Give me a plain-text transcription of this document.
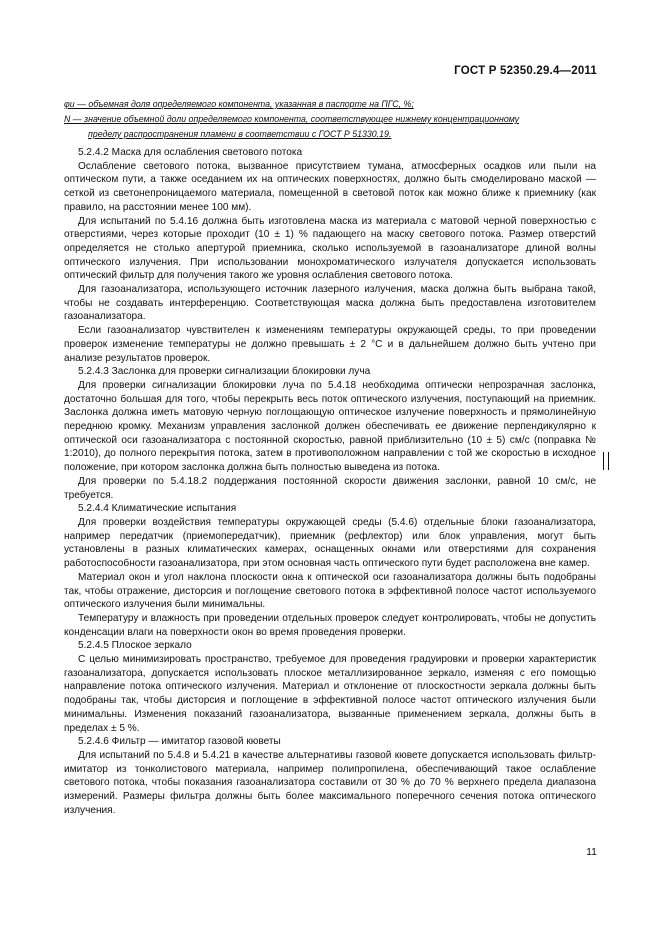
ГОСТ Р 52350.29.4—2011
φи — объемная доля определяемого компонента, указанная в паспорте на ПГС, %;
N — значение объемной доли определяемого компонента, соответствующее нижнему концентрационному
пределу распространения пламени в соответствии с ГОСТ Р 51330.19.

5.2.4.2 Маска для ослабления светового потока

Ослабление светового потока, вызванное присутствием тумана, атмосферных осадков или пыли на оптическом пути, а также оседанием их на оптических поверхностях, должно быть смоделировано маской — сеткой из светонепроницаемого материала, помещенной в световой поток как можно ближе к приемнику (как правило, на расстоянии менее 100 мм).

Для испытаний по 5.4.16 должна быть изготовлена маска из материала с матовой черной поверхностью с отверстиями, через которые проходит (10 ± 1) % падающего на маску светового потока. Размер отверстий определяется не столько апертурой приемника, сколько используемой в газоанализаторе длиной волны оптического излучения. При использовании монохроматического излучателя допускается использовать оптический фильтр для получения такого же уровня ослабления светового потока.

Для газоанализатора, использующего источник лазерного излучения, маска должна быть выбрана такой, чтобы не создавать интерференцию. Соответствующая маска должна быть предоставлена изготовителем газоанализатора.

Если газоанализатор чувствителен к изменениям температуры окружающей среды, то при проведении проверок изменение температуры не должно превышать ± 2 °С и в дальнейшем должно быть учтено при анализе результатов проверок.

5.2.4.3 Заслонка для проверки сигнализации блокировки луча

Для проверки сигнализации блокировки луча по 5.4.18 необходима оптически непрозрачная заслонка, достаточно большая для того, чтобы перекрыть весь поток оптического излучения, поступающий на приемник. Заслонка должна иметь матовую черную поглощающую оптическое излучение поверхность и прямолинейную переднюю кромку. Механизм управления заслонкой должен обеспечивать ее движение перпендикулярно к оптической оси газоанализатора с постоянной скоростью, равной приблизительно (10 ± 5) см/с (поправка № 1:2010), до полного перекрытия потока, затем в противоположном направлении с той же скоростью в исходное положение, при котором заслонка должна быть полностью выведена из потока.

Для проверки по 5.4.18.2 поддержания постоянной скорости движения заслонки, равной 10 см/с, не требуется.

5.2.4.4 Климатические испытания

Для проверки воздействия температуры окружающей среды (5.4.6) отдельные блоки газоанализатора, например передатчик (приемопередатчик), приемник (рефлектор) или блок управления, могут быть установлены в разных климатических камерах, оснащенных окнами или отверстиями для сохранения работоспособности газоанализатора, при этом основная часть оптического пути будет расположена вне камер.

Материал окон и угол наклона плоскости окна к оптической оси газоанализатора должны быть подобраны так, чтобы отражение, дисторсия и поглощение светового потока в эффективной полосе частот используемого оптического излучения были минимальны.

Температуру и влажность при проведении отдельных проверок следует контролировать, чтобы не допустить конденсации влаги на поверхности окон во время проведения проверки.

5.2.4.5 Плоское зеркало

С целью минимизировать пространство, требуемое для проведения градуировки и проверки характеристик газоанализатора, допускается использовать плоское металлизированное зеркало, изменяя с его помощью направление потока оптического излучения. Материал и отклонение от плоскостности зеркала должны быть подобраны так, чтобы дисторсия и поглощение в эффективной полосе частот оптического излучения были минимальны. Изменения показаний газоанализатора, вызванные применением зеркала, должны быть в пределах ± 5 %.

5.2.4.6 Фильтр — имитатор газовой кюветы

Для испытаний по 5.4.8 и 5.4.21 в качестве альтернативы газовой кювете допускается использовать фильтр-имитатор из тонколистового материала, например полипропилена, обеспечивающий такое ослабление светового потока, чтобы показания газоанализатора составили от 30 % до 70 % верхнего предела диапазона измерений. Размеры фильтра должны быть более максимального поперечного сечения потока оптического излучения.

11
